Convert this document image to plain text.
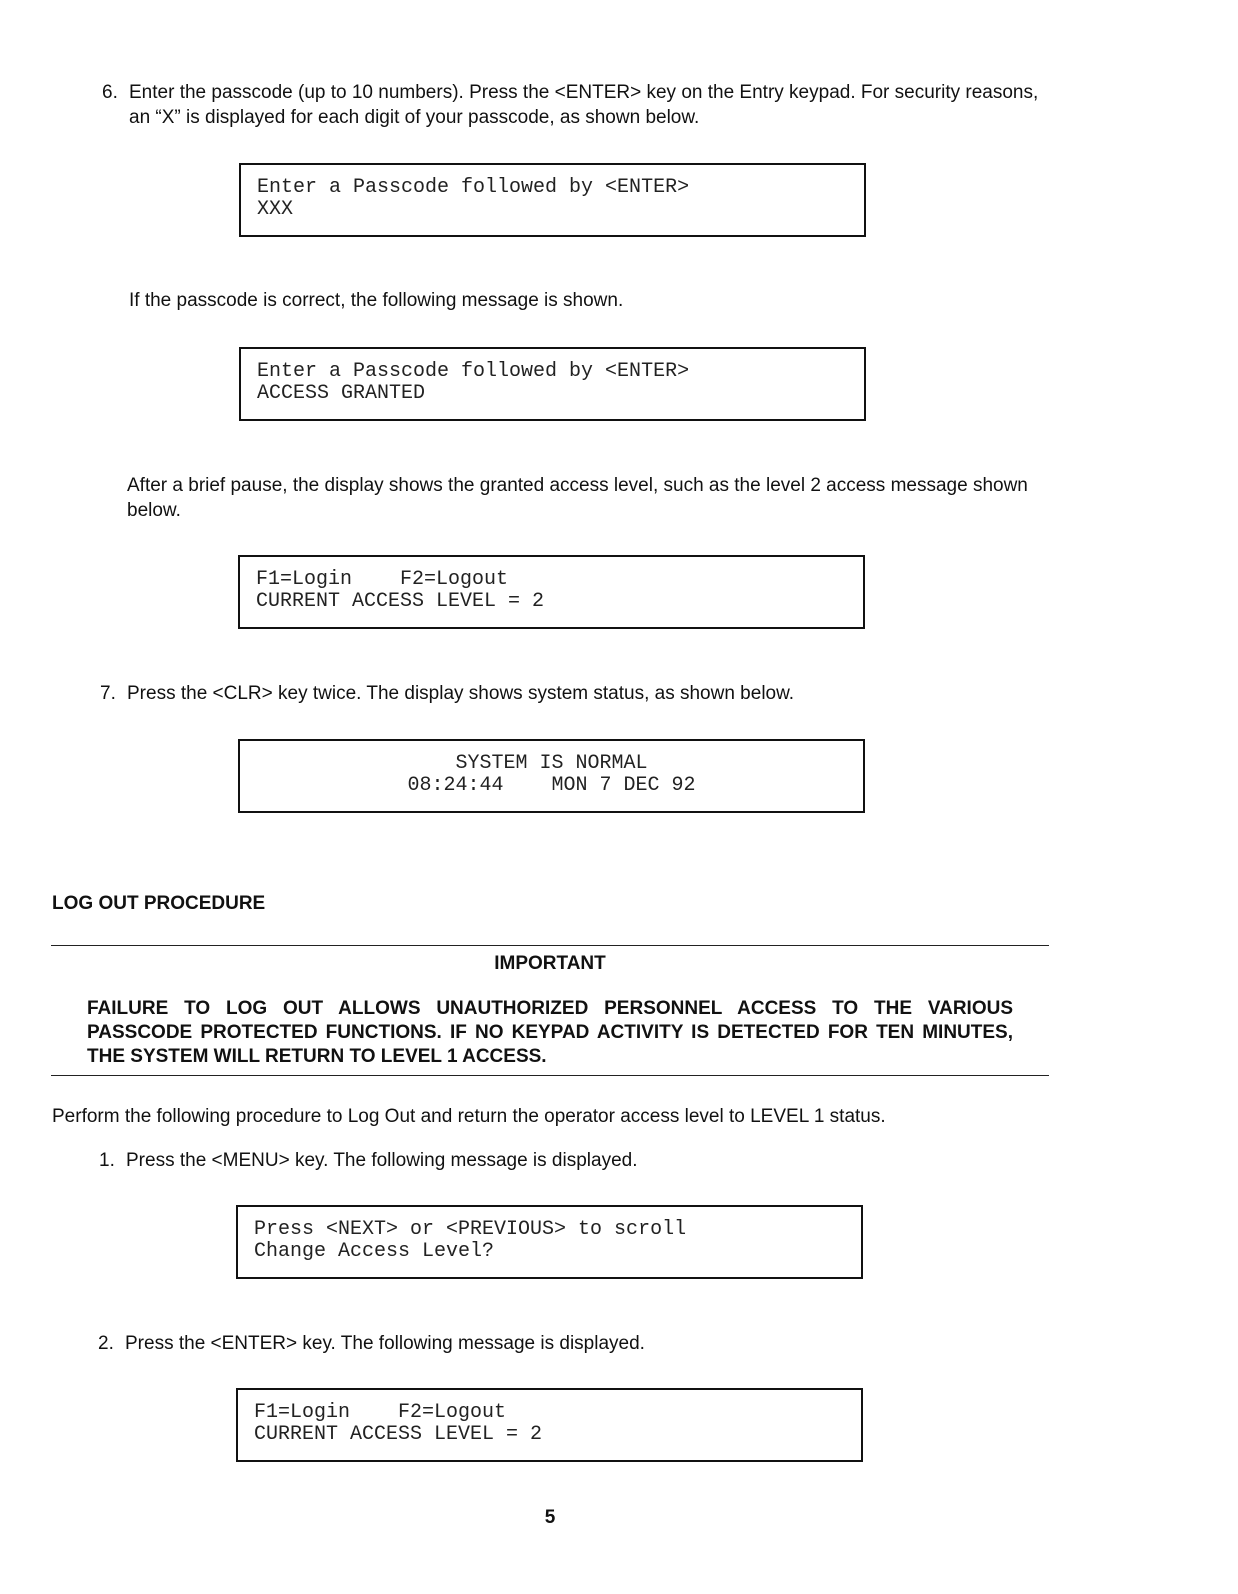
6. Enter the passcode (up to 10 numbers). Press the <ENTER> key on the Entry keypad. For security reasons, an “X” is displayed for each digit of your passcode, as shown below.
Enter a Passcode followed by <ENTER>
XXX
If the passcode is correct, the following message is shown.
Enter a Passcode followed by <ENTER>
ACCESS GRANTED
After a brief pause, the display shows the granted access level, such as the level 2 access message shown below.
F1=Login    F2=Logout
CURRENT ACCESS LEVEL = 2
7. Press the <CLR> key twice. The display shows system status, as shown below.
SYSTEM IS NORMAL
08:24:44    MON 7 DEC 92
LOG OUT PROCEDURE
IMPORTANT
FAILURE TO LOG OUT ALLOWS UNAUTHORIZED PERSONNEL ACCESS TO THE VARIOUS PASSCODE PROTECTED FUNCTIONS. IF NO KEYPAD ACTIVITY IS DETECTED FOR TEN MINUTES, THE SYSTEM WILL RETURN TO LEVEL 1 ACCESS.
Perform the following procedure to Log Out and return the operator access level to LEVEL 1 status.
1. Press the <MENU> key. The following message is displayed.
Press <NEXT> or <PREVIOUS> to scroll
Change Access Level?
2. Press the <ENTER> key. The following message is displayed.
F1=Login    F2=Logout
CURRENT ACCESS LEVEL = 2
5
